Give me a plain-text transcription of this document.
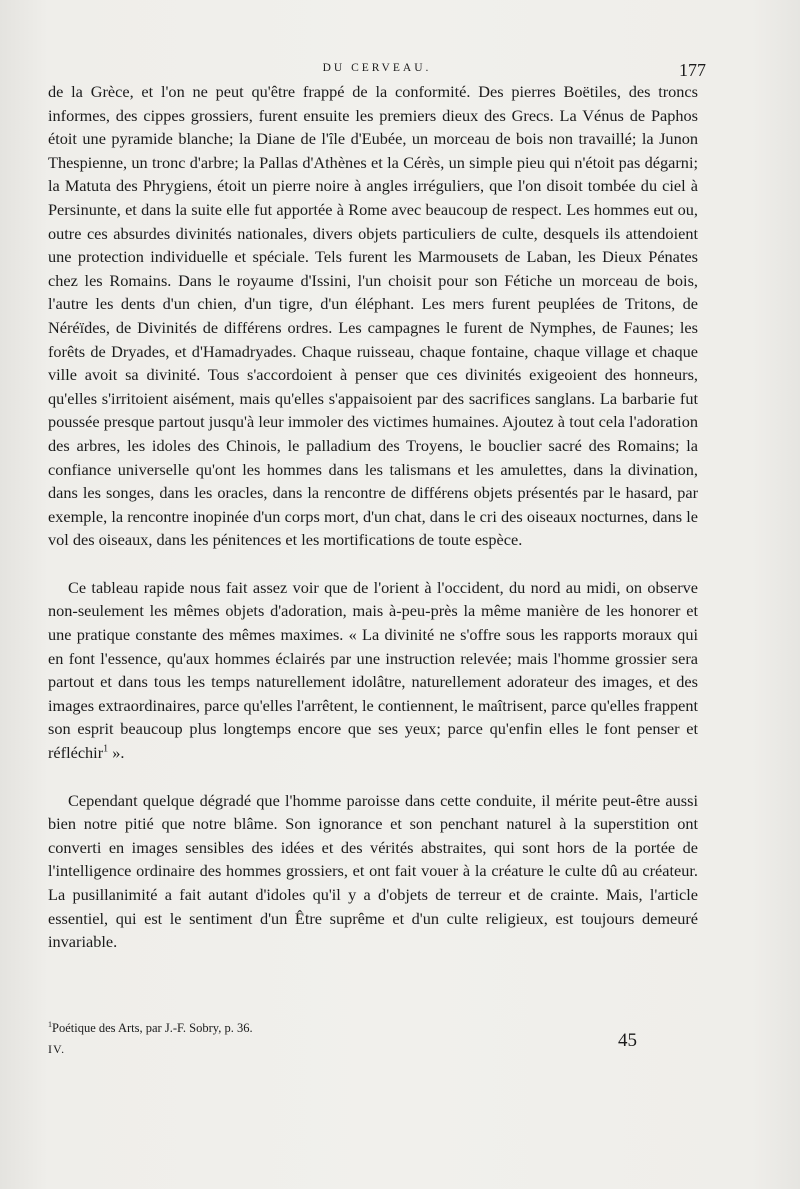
DU CERVEAU.	177

de la Grèce, et l'on ne peut qu'être frappé de la conformité. Des pierres Boëtiles, des troncs informes, des cippes grossiers, furent ensuite les premiers dieux des Grecs. La Vénus de Paphos étoit une pyramide blanche; la Diane de l'île d'Eubée, un morceau de bois non travaillé; la Junon Thespienne, un tronc d'arbre; la Pallas d'Athènes et la Cérès, un simple pieu qui n'étoit pas dégarni; la Matuta des Phrygiens, étoit un pierre noire à angles irréguliers, que l'on disoit tombée du ciel à Persinunte, et dans la suite elle fut apportée à Rome avec beaucoup de respect. Les hommes eut ou, outre ces absurdes divinités nationales, divers objets particuliers de culte, desquels ils attendoient une protection individuelle et spéciale. Tels furent les Marmousets de Laban, les Dieux Pénates chez les Romains. Dans le royaume d'Issini, l'un choisit pour son Fétiche un morceau de bois, l'autre les dents d'un chien, d'un tigre, d'un éléphant. Les mers furent peuplées de Tritons, de Néréïdes, de Divinités de différens ordres. Les campagnes le furent de Nymphes, de Faunes; les forêts de Dryades, et d'Hamadryades. Chaque ruisseau, chaque fontaine, chaque village et chaque ville avoit sa divinité. Tous s'accordoient à penser que ces divinités exigeoient des honneurs, qu'elles s'irritoient aisément, mais qu'elles s'appaisoient par des sacrifices sanglans. La barbarie fut poussée presque partout jusqu'à leur immoler des victimes humaines. Ajoutez à tout cela l'adoration des arbres, les idoles des Chinois, le palladium des Troyens, le bouclier sacré des Romains; la confiance universelle qu'ont les hommes dans les talismans et les amulettes, dans la divination, dans les songes, dans les oracles, dans la rencontre de différens objets présentés par le hasard, par exemple, la rencontre inopinée d'un corps mort, d'un chat, dans le cri des oiseaux nocturnes, dans le vol des oiseaux, dans les pénitences et les mortifications de toute espèce.

Ce tableau rapide nous fait assez voir que de l'orient à l'occident, du nord au midi, on observe non-seulement les mêmes objets d'adoration, mais à-peu-près la même manière de les honorer et une pratique constante des mêmes maximes. « La divinité ne s'offre sous les rapports moraux qui en font l'essence, qu'aux hommes éclairés par une instruction relevée; mais l'homme grossier sera partout et dans tous les temps naturellement idolâtre, naturellement adorateur des images, et des images extraordinaires, parce qu'elles l'arrêtent, le contiennent, le maîtrisent, parce qu'elles frappent son esprit beaucoup plus longtemps encore que ses yeux; parce qu'enfin elles le font penser et réfléchir$^1$ ».

Cependant quelque dégradé que l'homme paroisse dans cette conduite, il mérite peut-être aussi bien notre pitié que notre blâme. Son ignorance et son penchant naturel à la superstition ont converti en images sensibles des idées et des vérités abstraites, qui sont hors de la portée de l'intelligence ordinaire des hommes grossiers, et ont fait vouer à la créature le culte dû au créateur. La pusillanimité a fait autant d'idoles qu'il y a d'objets de terreur et de crainte. Mais, l'article essentiel, qui est le sentiment d'un Être suprême et d'un culte religieux, est toujours demeuré invariable.

$^1$Poétique des Arts, par J.-F. Sobry, p. 36.
IV.	45
